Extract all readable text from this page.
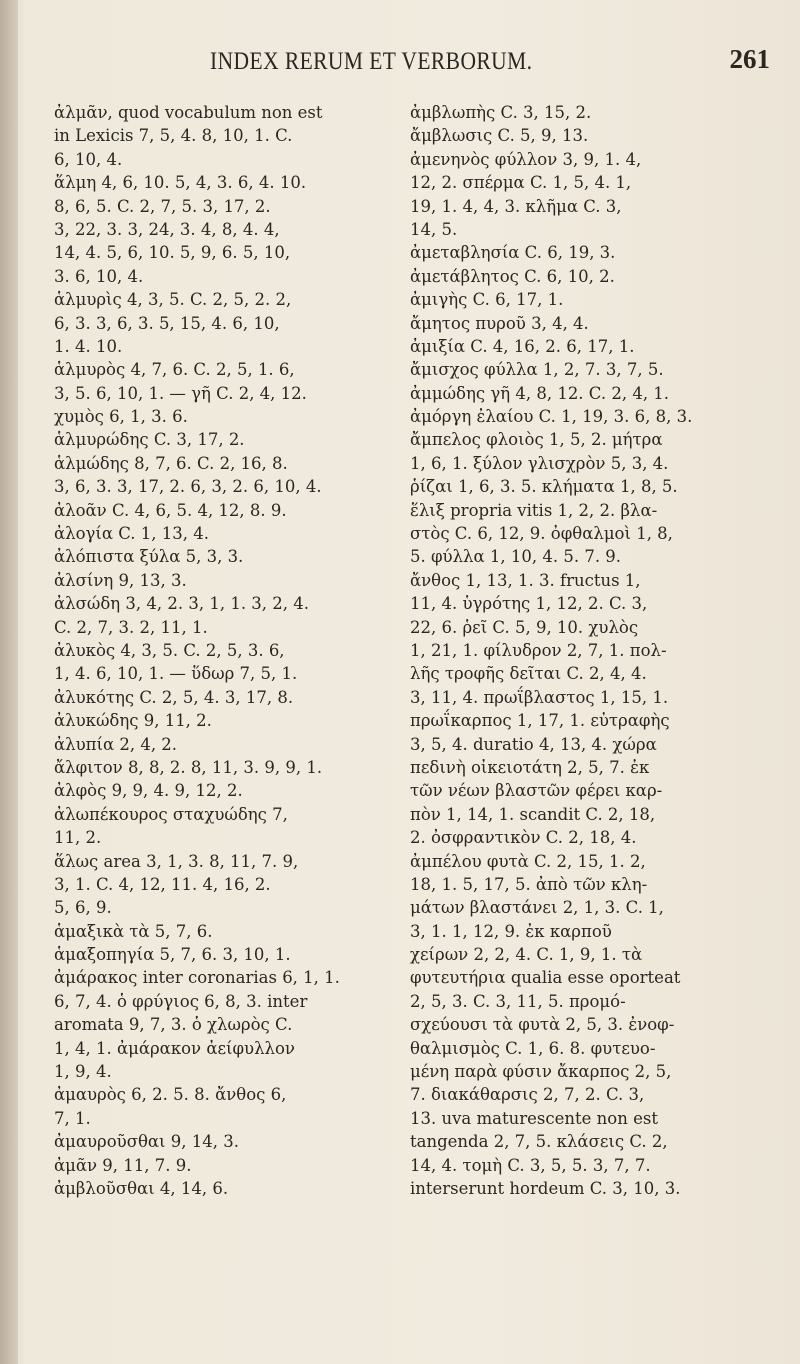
INDEX RERUM ET VERBORUM.	261
ἀλμᾶν, quod vocabulum non est
in Lexicis 7, 5, 4. 8, 10, 1. C.
6, 10, 4.
ἅλμη 4, 6, 10. 5, 4, 3. 6, 4. 10.
8, 6, 5. C. 2, 7, 5. 3, 17, 2.
3, 22, 3. 3, 24, 3. 4, 8, 4. 4,
14, 4. 5, 6, 10. 5, 9, 6. 5, 10,
3. 6, 10, 4.
ἁλμυρὶς 4, 3, 5. C. 2, 5, 2. 2,
6, 3. 3, 6, 3. 5, 15, 4. 6, 10,
1. 4. 10.
ἁλμυρὸς 4, 7, 6. C. 2, 5, 1. 6,
3, 5. 6, 10, 1. — γῆ C. 2, 4, 12.
χυμὸς 6, 1, 3. 6.
ἁλμυρώδης C. 3, 17, 2.
ἁλμώδης 8, 7, 6. C. 2, 16, 8.
3, 6, 3. 3, 17, 2. 6, 3, 2. 6, 10, 4.
ἀλοᾶν C. 4, 6, 5. 4, 12, 8. 9.
ἀλογία C. 1, 13, 4.
ἀλόπιστα ξύλα 5, 3, 3.
ἀλσίνη 9, 13, 3.
ἀλσώδη 3, 4, 2. 3, 1, 1. 3, 2, 4.
C. 2, 7, 3. 2, 11, 1.
ἀλυκὸς 4, 3, 5. C. 2, 5, 3. 6,
1, 4. 6, 10, 1. — ὕδωρ 7, 5, 1.
ἀλυκότης C. 2, 5, 4. 3, 17, 8.
ἀλυκώδης 9, 11, 2.
ἀλυπία 2, 4, 2.
ἄλφιτον 8, 8, 2. 8, 11, 3. 9, 9, 1.
ἀλφὸς 9, 9, 4. 9, 12, 2.
ἀλωπέκουρος σταχυώδης 7,
11, 2.
ἅλως area 3, 1, 3. 8, 11, 7. 9,
3, 1. C. 4, 12, 11. 4, 16, 2.
5, 6, 9.
ἁμαξικὰ τὰ 5, 7, 6.
ἁμαξοπηγία 5, 7, 6. 3, 10, 1.
ἀμάρακος inter coronarias 6, 1, 1.
6, 7, 4. ὁ φρύγιος 6, 8, 3. inter
aromata 9, 7, 3. ὁ χλωρὸς C.
1, 4, 1. ἀμάρακον ἀείφυλλον
1, 9, 4.
ἀμαυρὸς 6, 2. 5. 8. ἄνθος 6,
7, 1.
ἀμαυροῦσθαι 9, 14, 3.
ἀμᾶν 9, 11, 7. 9.
ἀμβλοῦσθαι 4, 14, 6.
ἀμβλωπὴς C. 3, 15, 2.
ἄμβλωσις C. 5, 9, 13.
ἀμενηνὸς φύλλον 3, 9, 1. 4,
12, 2. σπέρμα C. 1, 5, 4. 1,
19, 1. 4, 4, 3. κλῆμα C. 3,
14, 5.
ἀμεταβλησία C. 6, 19, 3.
ἀμετάβλητος C. 6, 10, 2.
ἀμιγὴς C. 6, 17, 1.
ἄμητος πυροῦ 3, 4, 4.
ἀμιξία C. 4, 16, 2. 6, 17, 1.
ἄμισχος φύλλα 1, 2, 7. 3, 7, 5.
ἀμμώδης γῆ 4, 8, 12. C. 2, 4, 1.
ἀμόργη ἐλαίου C. 1, 19, 3. 6, 8, 3.
ἄμπελος φλοιὸς 1, 5, 2. μήτρα
1, 6, 1. ξύλον γλισχρὸν 5, 3, 4.
ῥίζαι 1, 6, 3. 5. κλήματα 1, 8, 5.
ἕλιξ propria vitis 1, 2, 2. βλα-
στὸς C. 6, 12, 9. ὀφθαλμοὶ 1, 8,
5. φύλλα 1, 10, 4. 5. 7. 9.
ἄνθος 1, 13, 1. 3. fructus 1,
11, 4. ὑγρότης 1, 12, 2. C. 3,
22, 6. ῥεῖ C. 5, 9, 10. χυλὸς
1, 21, 1. φίλυδρον 2, 7, 1. πολ-
λῆς τροφῆς δεῖται C. 2, 4, 4.
3, 11, 4. πρωΐβλαστος 1, 15, 1.
πρωΐκαρπος 1, 17, 1. εὐτραφὴς
3, 5, 4. duratio 4, 13, 4. χώρα
πεδινὴ οἰκειοτάτη 2, 5, 7. ἐκ
τῶν νέων βλαστῶν φέρει καρ-
πὸν 1, 14, 1. scandit C. 2, 18,
2. ὀσφραντικὸν C. 2, 18, 4.
ἀμπέλου φυτὰ C. 2, 15, 1. 2,
18, 1. 5, 17, 5. ἀπὸ τῶν κλη-
μάτων βλαστάνει 2, 1, 3. C. 1,
3, 1. 1, 12, 9. ἐκ καρποῦ
χείρων 2, 2, 4. C. 1, 9, 1. τὰ
φυτευτήρια qualia esse oporteat
2, 5, 3. C. 3, 11, 5. προμό-
σχεύουσι τὰ φυτὰ 2, 5, 3. ἐνοφ-
θαλμισμὸς C. 1, 6. 8. φυτευο-
μένη παρὰ φύσιν ἄκαρπος 2, 5,
7. διακάθαρσις 2, 7, 2. C. 3,
13. uva maturescente non est
tangenda 2, 7, 5. κλάσεις C. 2,
14, 4. τομὴ C. 3, 5, 5. 3, 7, 7.
interserunt hordeum C. 3, 10, 3.
